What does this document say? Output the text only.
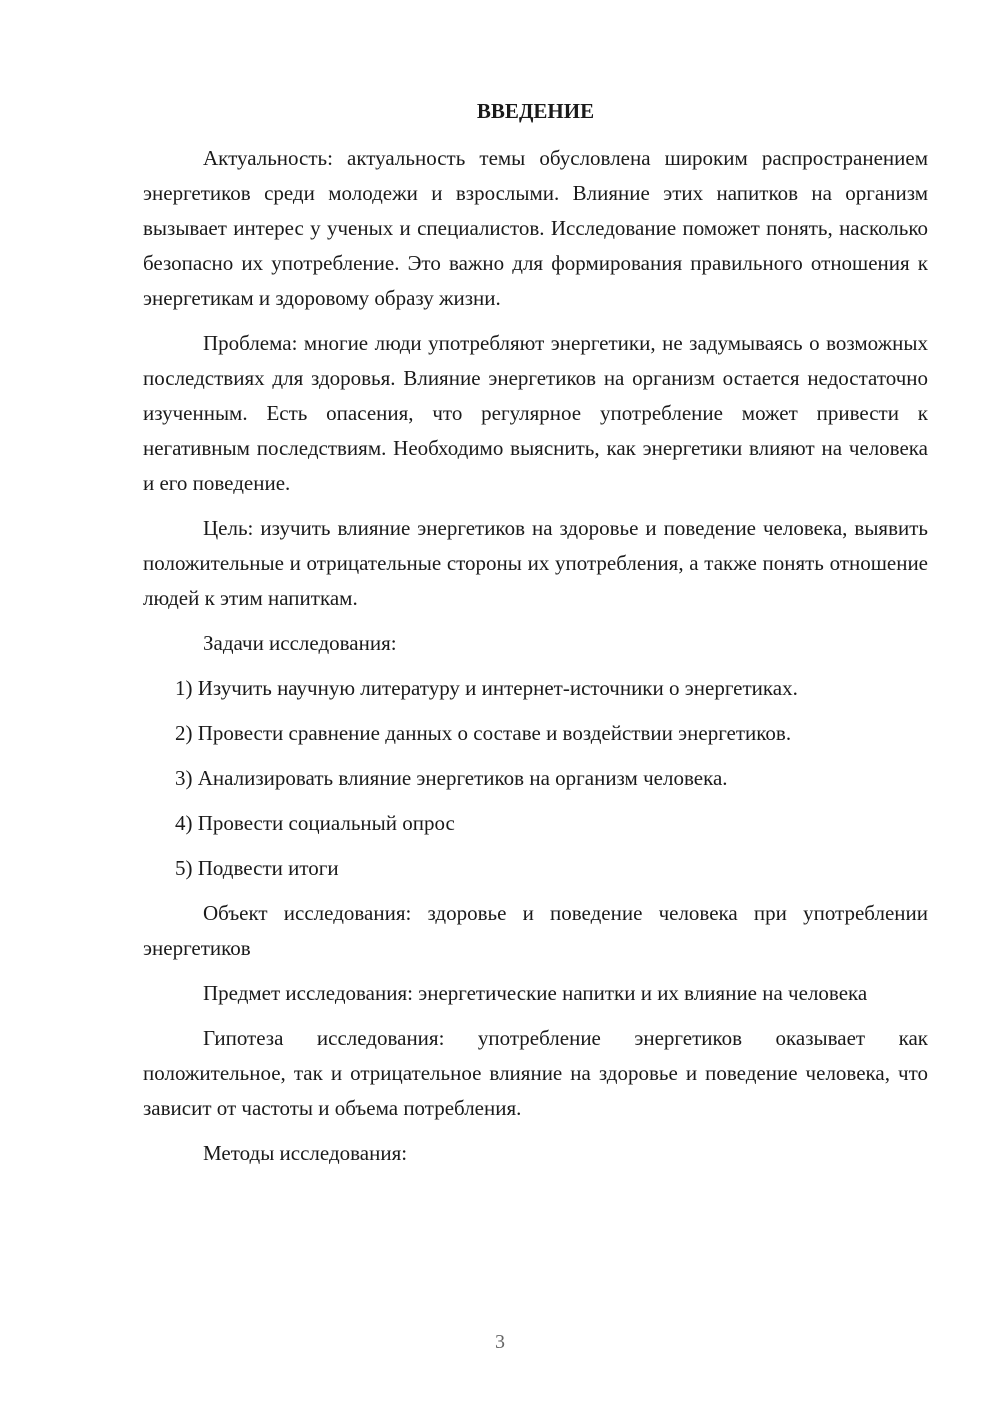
ВВЕДЕНИЕ

Актуальность: актуальность темы обусловлена широким распространением энергетиков среди молодежи и взрослыми. Влияние этих напитков на организм вызывает интерес у ученых и специалистов. Исследование поможет понять, насколько безопасно их употребление. Это важно для формирования правильного отношения к энергетикам и здоровому образу жизни.

Проблема: многие люди употребляют энергетики, не задумываясь о возможных последствиях для здоровья. Влияние энергетиков на организм остается недостаточно изученным. Есть опасения, что регулярное употребление может привести к негативным последствиям. Необходимо выяснить, как энергетики влияют на человека и его поведение.

Цель: изучить влияние энергетиков на здоровье и поведение человека, выявить положительные и отрицательные стороны их употребления, а также понять отношение людей к этим напиткам.

Задачи исследования:

1) Изучить научную литературу и интернет-источники о энергетиках.
2) Провести сравнение данных о составе и воздействии энергетиков.
3) Анализировать влияние энергетиков на организм человека.
4) Провести социальный опрос
5) Подвести итоги

Объект исследования: здоровье и поведение человека при употреблении энергетиков

Предмет исследования: энергетические напитки и их влияние на человека

Гипотеза исследования: употребление энергетиков оказывает как положительное, так и отрицательное влияние на здоровье и поведение человека, что зависит от частоты и объема потребления.

Методы исследования:

3
